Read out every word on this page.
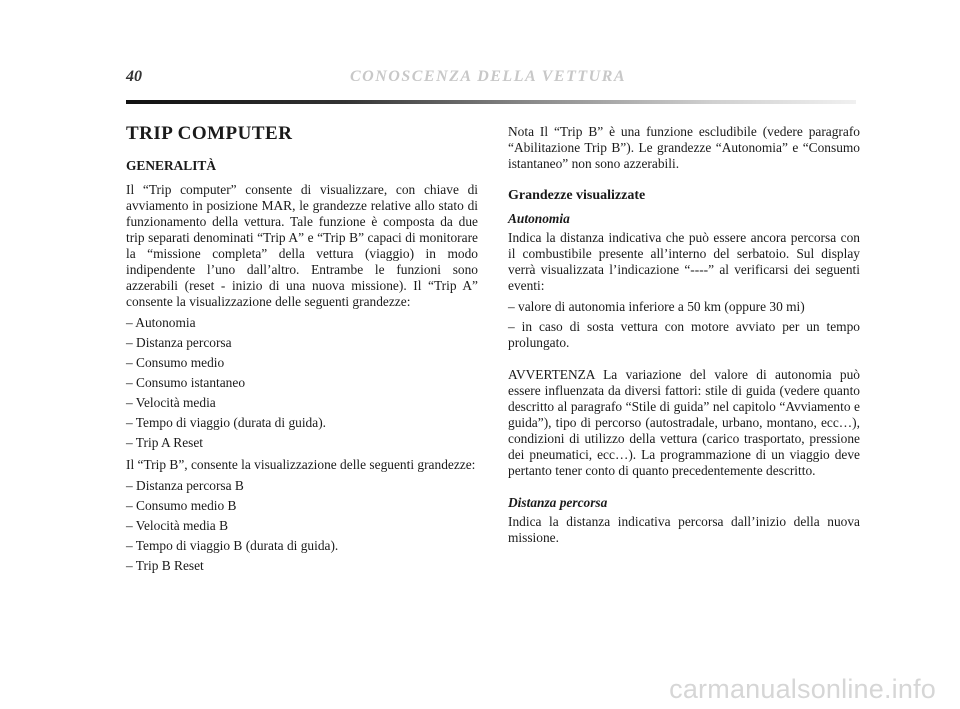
40	CONOSCENZA DELLA VETTURA
TRIP COMPUTER
GENERALITÀ

Il “Trip computer” consente di visualizzare, con chiave di avviamento in posizione MAR, le grandezze relative allo stato di funzionamento della vettura. Tale funzione è composta da due trip separati denominati “Trip A” e “Trip B” capaci di monitorare la “missione completa” della vettura (viaggio) in modo indipendente l’uno dall’altro. Entrambe le funzioni sono azzerabili (reset - inizio di una nuova missione). Il “Trip A” consente la visualizzazione delle seguenti grandezze:

– Autonomia
– Distanza percorsa
– Consumo medio
– Consumo istantaneo
– Velocità media
– Tempo di viaggio (durata di guida).
– Trip A Reset

Il “Trip B”, consente la visualizzazione delle seguenti grandezze:

– Distanza percorsa B
– Consumo medio B
– Velocità media B
– Tempo di viaggio B (durata di guida).
– Trip B Reset

Nota Il “Trip B” è una funzione escludibile (vedere paragrafo “Abilitazione Trip B”). Le grandezze “Autonomia” e “Consumo istantaneo” non sono azzerabili.

Grandezze visualizzate
Autonomia

Indica la distanza indicativa che può essere ancora percorsa con il combustibile presente all’interno del serbatoio. Sul display verrà visualizzata l’indicazione “----” al verificarsi dei seguenti eventi:

– valore di autonomia inferiore a 50 km (oppure 30 mi)
– in caso di sosta vettura con motore avviato per un tempo prolungato.

AVVERTENZA La variazione del valore di autonomia può essere influenzata da diversi fattori: stile di guida (vedere quanto descritto al paragrafo “Stile di guida” nel capitolo “Avviamento e guida”), tipo di percorso (autostradale, urbano, montano, ecc…), condizioni di utilizzo della vettura (carico trasportato, pressione dei pneumatici, ecc…). La programmazione di un viaggio deve pertanto tener conto di quanto precedentemente descritto.

Distanza percorsa

Indica la distanza indicativa percorsa dall’inizio della nuova missione.

carmanualsonline.info
